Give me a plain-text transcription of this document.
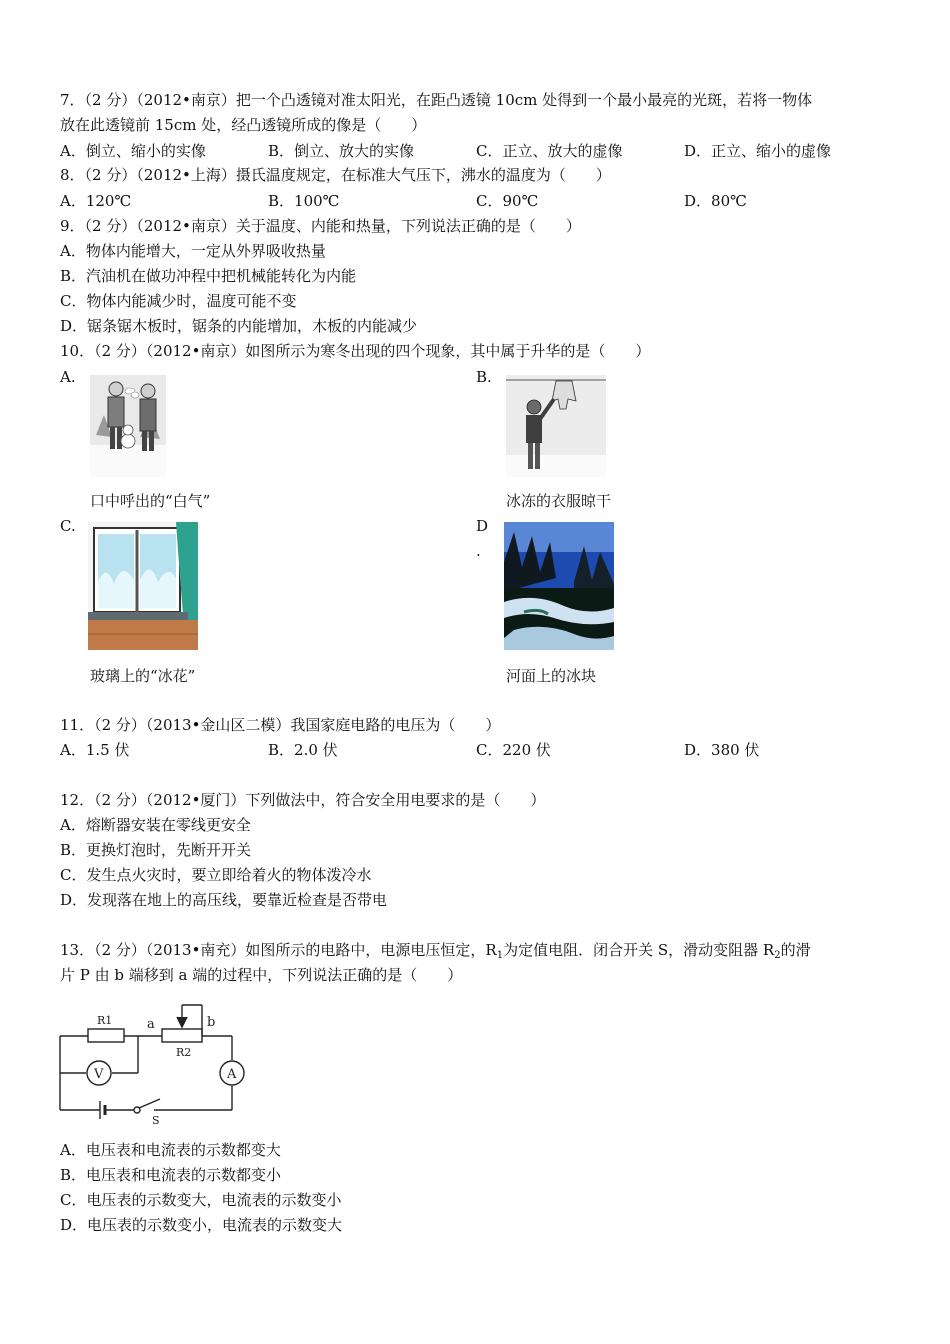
7．（2 分）（2012•南京）把一个凸透镜对准太阳光，在距凸透镜 10cm 处得到一个最小最亮的光斑，若将一物体
放在此透镜前 15cm 处，经凸透镜所成的像是（　　）
A．倒立、缩小的实像	B．倒立、放大的实像	C．正立、放大的虚像	D．正立、缩小的虚像
8．（2 分）（2012•上海）摄氏温度规定，在标准大气压下，沸水的温度为（　　）
A．120℃	B．100℃	C．90℃	D．80℃
9．（2 分）（2012•南京）关于温度、内能和热量，下列说法正确的是（　　）
A．物体内能增大，一定从外界吸收热量
B．汽油机在做功冲程中把机械能转化为内能
C．物体内能减少时，温度可能不变
D．锯条锯木板时，锯条的内能增加，木板的内能减少
10．（2 分）（2012•南京）如图所示为寒冬出现的四个现象，其中属于升华的是（　　）
A.	B.
口中呼出的“白气”	冰冻的衣服晾干
C.	D
.
玻璃上的“冰花”	河面上的冰块
11．（2 分）（2013•金山区二模）我国家庭电路的电压为（　　）
A．1.5 伏	B．2.0 伏	C．220 伏	D．380 伏
12．（2 分）（2012•厦门）下列做法中，符合安全用电要求的是（　　）
A．熔断器安装在零线更安全
B．更换灯泡时，先断开开关
C．发生点火灾时，要立即给着火的物体泼冷水
D．发现落在地上的高压线，要靠近检查是否带电
13．（2 分）（2013•南充）如图所示的电路中，电源电压恒定，$R_1$为定值电阻．闭合开关 S，滑动变阻器 $R_2$的滑
片 P 由 b 端移到 a 端的过程中，下列说法正确的是（　　）
R1	a	b
R2
V	A
S
A．电压表和电流表的示数都变大
B．电压表和电流表的示数都变小
C．电压表的示数变大，电流表的示数变小
D．电压表的示数变小，电流表的示数变大
